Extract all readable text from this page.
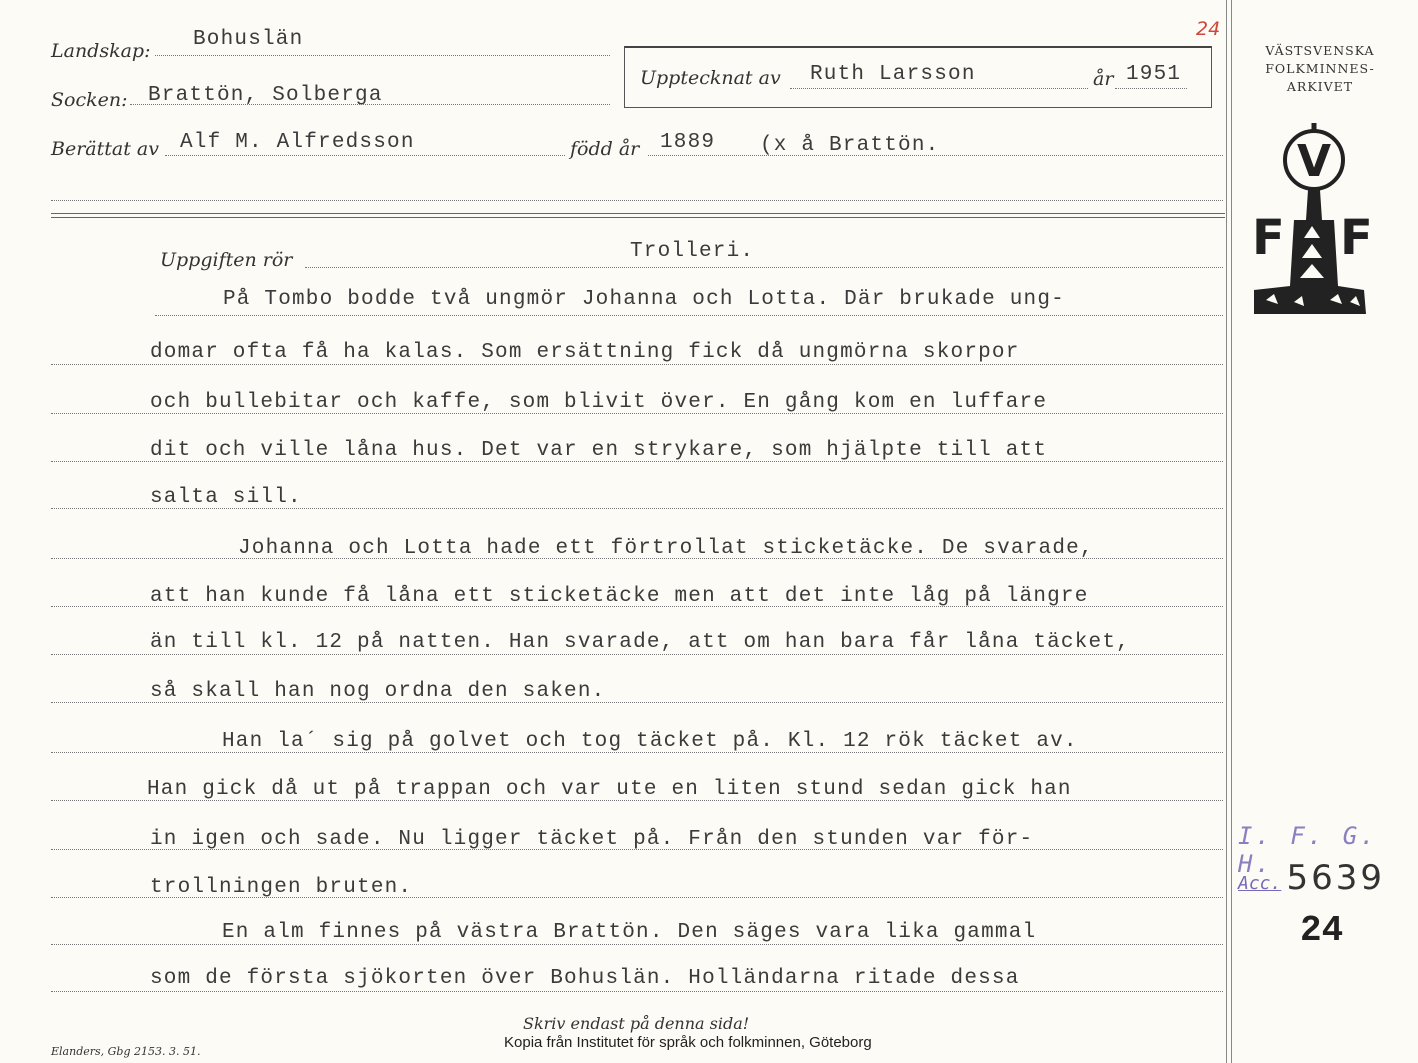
24
Landskap: Bohuslän
Socken: Brattön, Solberga
Upptecknat av Ruth Larsson	år 1951
Berättat av Alf M. Alfredsson	född år 1889 (x å Brattön.
VÄSTSVENSKA
FOLKMINNES-
ARKIVET
V
F F
Uppgiften rör	Trolleri.
På Tombo bodde två ungmör Johanna och Lotta. Där brukade ung-
domar ofta få ha kalas. Som ersättning fick då ungmörna skorpor
och bullebitar och kaffe, som blivit över. En gång kom en luffare
dit och ville låna hus. Det var en strykare, som hjälpte till att
salta sill.
Johanna och Lotta hade ett förtrollat sticketäcke. De svarade,
att han kunde få låna ett sticketäcke men att det inte låg på längre
än till kl. 12 på natten. Han svarade, att om han bara får låna täcket,
så skall han nog ordna den saken.
Han la´ sig på golvet och tog täcket på. Kl. 12 rök täcket av.
Han gick då ut på trappan och var ute en liten stund sedan gick han
in igen och sade. Nu ligger täcket på. Från den stunden var för-
trollningen bruten.
En alm finnes på västra Brattön. Den säges vara lika gammal
som de första sjökorten över Bohuslän. Holländarna ritade dessa
I. F. G. H.
Acc. 5639
24
Skriv endast på denna sida!
Elanders, Gbg 2153. 3. 51.
Kopia från Institutet för språk och folkminnen, Göteborg
